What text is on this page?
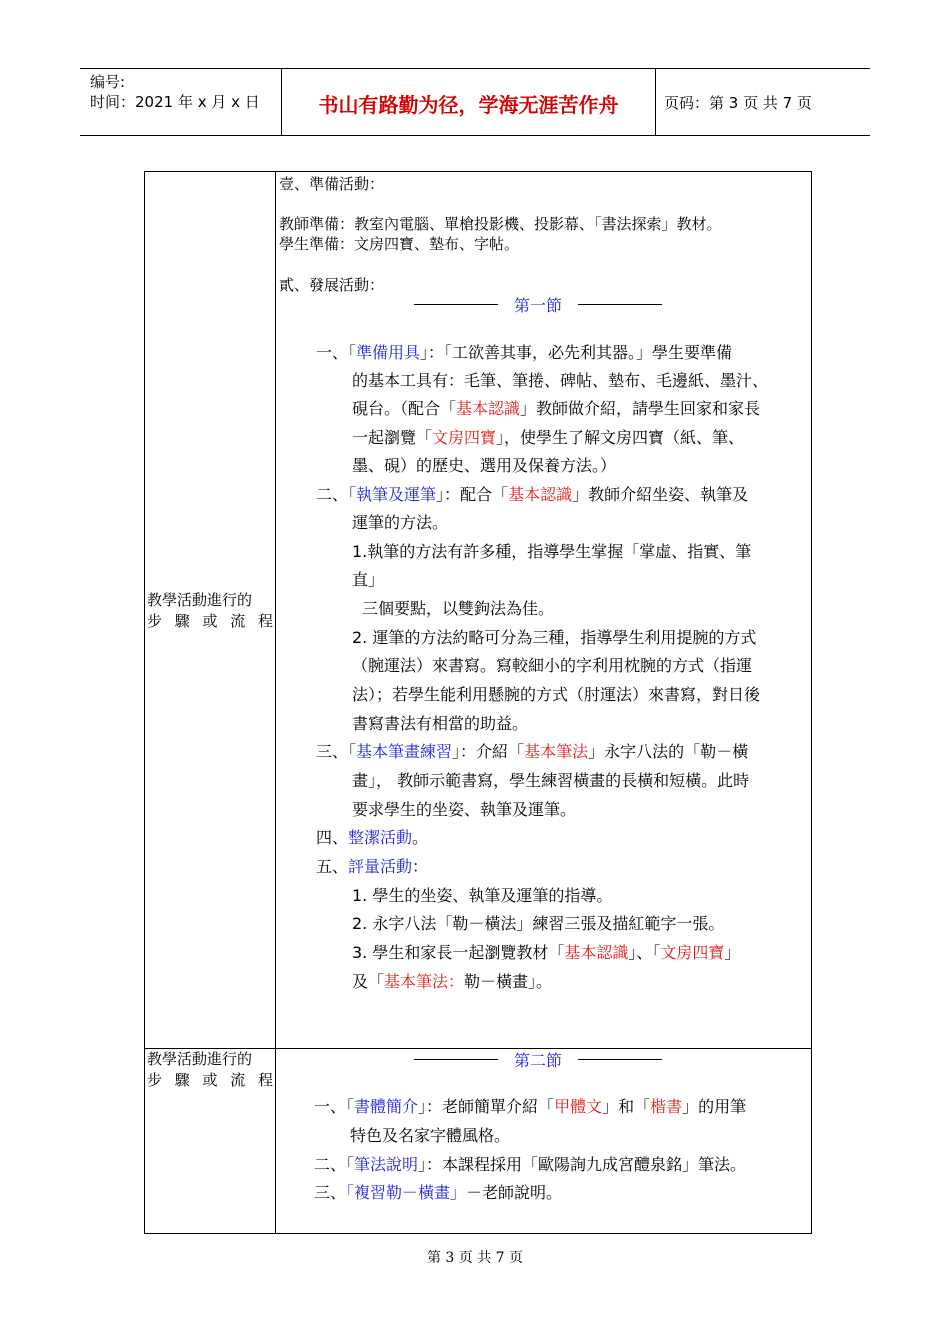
编号:
时间：2021 年 x 月 x 日	书山有路勤为径，学海无涯苦作舟	页码：第 3 页 共 7 页
教學活動進行的
步 驟 或 流 程
教學活動進行的
步 驟 或 流 程
壹、準備活動：
教師準備：教室內電腦、單槍投影機、投影幕、「書法探索」教材。
學生準備：文房四寶、墊布、字帖。
貳、發展活動：
第一節
一、「準備用具」：「工欲善其事，必先利其器。」學生要準備
的基本工具有：毛筆、筆捲、碑帖、墊布、毛邊紙、墨汁、
硯台。（配合「基本認識」教師做介紹，請學生回家和家長
一起瀏覽「文房四寶」，使學生了解文房四寶（紙、筆、
墨、硯）的歷史、選用及保養方法。）
二、「執筆及運筆」：配合「基本認識」教師介紹坐姿、執筆及
運筆的方法。
1.執筆的方法有許多種，指導學生掌握「掌虛、指實、筆
直」
三個要點，以雙鉤法為佳。
2. 運筆的方法約略可分為三種，指導學生利用提腕的方式
（腕運法）來書寫。寫較細小的字利用枕腕的方式（指運
法）；若學生能利用懸腕的方式（肘運法）來書寫，對日後
書寫書法有相當的助益。
三、「基本筆畫練習」：介紹「基本筆法」永字八法的「勒－橫
畫」， 教師示範書寫，學生練習橫畫的長橫和短橫。此時
要求學生的坐姿、執筆及運筆。
四、整潔活動。
五、評量活動：
1. 學生的坐姿、執筆及運筆的指導。
2. 永字八法「勒－橫法」練習三張及描紅範字一張。
3. 學生和家長一起瀏覽教材「基本認識」、「文房四寶」
及「基本筆法：勒－橫畫」。
第二節
一、「書體簡介」：老師簡單介紹「甲體文」和「楷書」的用筆
特色及名家字體風格。
二、「筆法說明」：本課程採用「歐陽詢九成宮醴泉銘」筆法。
三、「複習勒－橫畫」－老師說明。
第 3 页 共 7 页
